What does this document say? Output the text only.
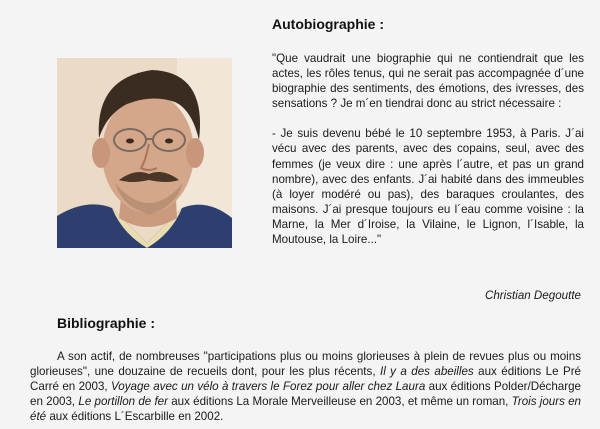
Autobiographie :

"Que vaudrait une biographie qui ne contiendrait que les actes, les rôles tenus, qui ne serait pas accompagnée d´une biographie des sentiments, des émotions, des ivresses, des sensations ? Je m´en tiendrai donc au strict nécessaire :

- Je suis devenu bébé le 10 septembre 1953, à Paris. J´ai vécu avec des parents, avec des copains, seul, avec des femmes (je veux dire : une après l´autre, et pas un grand nombre), avec des enfants. J´ai habité dans des immeubles (à loyer modéré ou pas), des baraques croulantes, des maisons. J´ai presque toujours eu l´eau comme voisine : la Marne, la Mer d´Iroise, la Vilaine, le Lignon, l´Isable, la Moutouse, la Loire..."

Christian Degoutte
Bibliographie :
A son actif, de nombreuses "participations plus ou moins glorieuses à plein de revues plus ou moins glorieuses", une douzaine de recueils dont, pour les plus récents, Il y a des abeilles aux éditions Le Pré Carré en 2003, Voyage avec un vélo à travers le Forez pour aller chez Laura aux éditions Polder/Décharge en 2003, Le portillon de fer aux éditions La Morale Merveilleuse en 2003, et même un roman, Trois jours en été aux éditions L´Escarbille en 2002.
